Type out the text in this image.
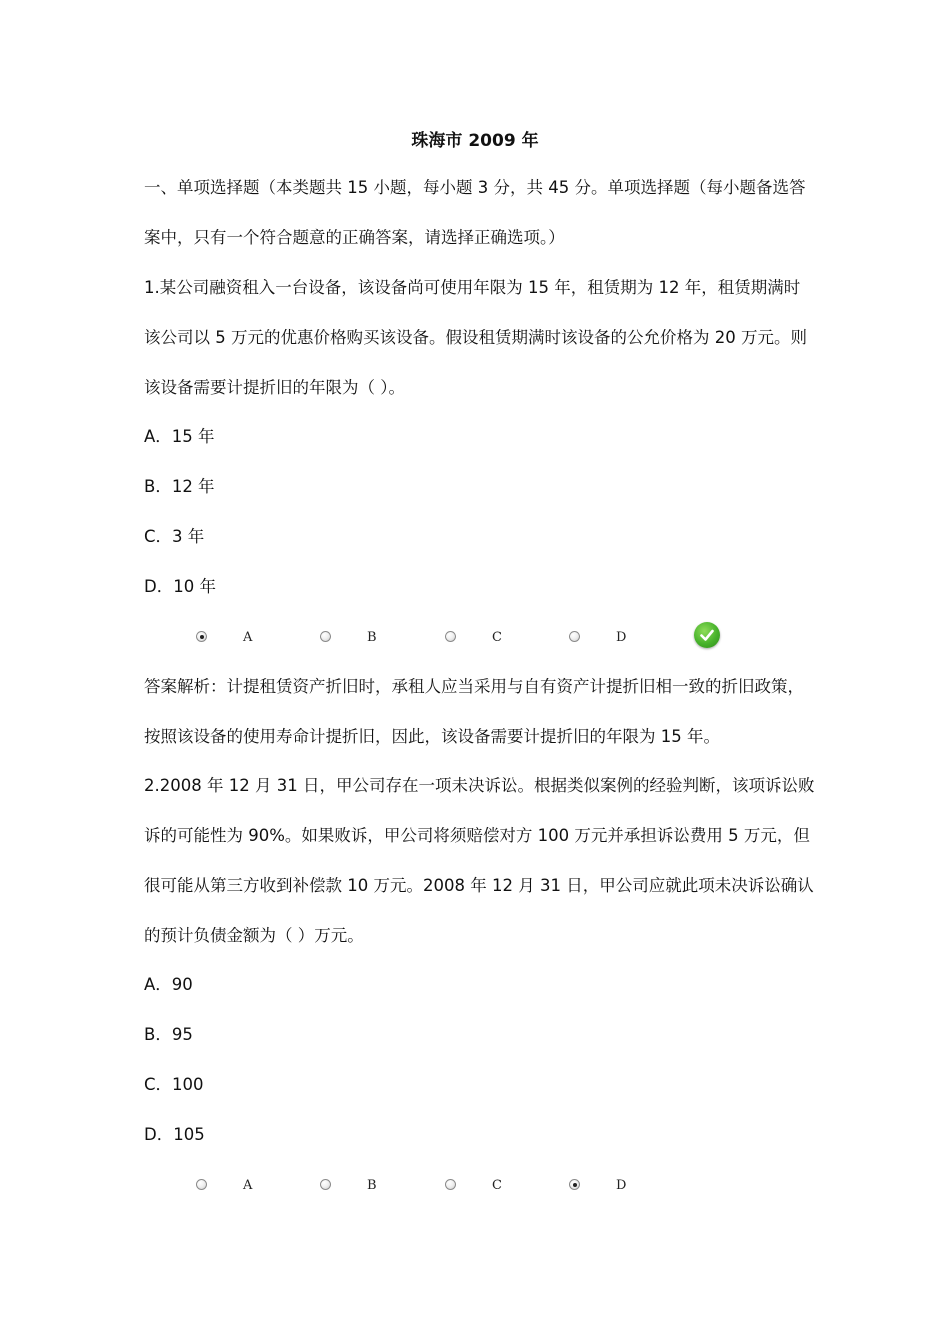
珠海市 2009 年
一、单项选择题（本类题共 15 小题，每小题 3 分，共 45 分。单项选择题（每小题备选答
案中，只有一个符合题意的正确答案，请选择正确选项。）
1.某公司融资租入一台设备，该设备尚可使用年限为 15 年，租赁期为 12 年，租赁期满时
该公司以 5 万元的优惠价格购买该设备。假设租赁期满时该设备的公允价格为 20 万元。则
该设备需要计提折旧的年限为（ ）。
A．15 年
B．12 年
C．3 年
D．10 年
A	B	C	D
答案解析：计提租赁资产折旧时，承租人应当采用与自有资产计提折旧相一致的折旧政策，
按照该设备的使用寿命计提折旧，因此，该设备需要计提折旧的年限为 15 年。
2.2008 年 12 月 31 日，甲公司存在一项未决诉讼。根据类似案例的经验判断，该项诉讼败
诉的可能性为 90%。如果败诉，甲公司将须赔偿对方 100 万元并承担诉讼费用 5 万元，但
很可能从第三方收到补偿款 10 万元。2008 年 12 月 31 日，甲公司应就此项未决诉讼确认
的预计负债金额为（ ）万元。
A．90
B．95
C．100
D．105
A	B	C	D
